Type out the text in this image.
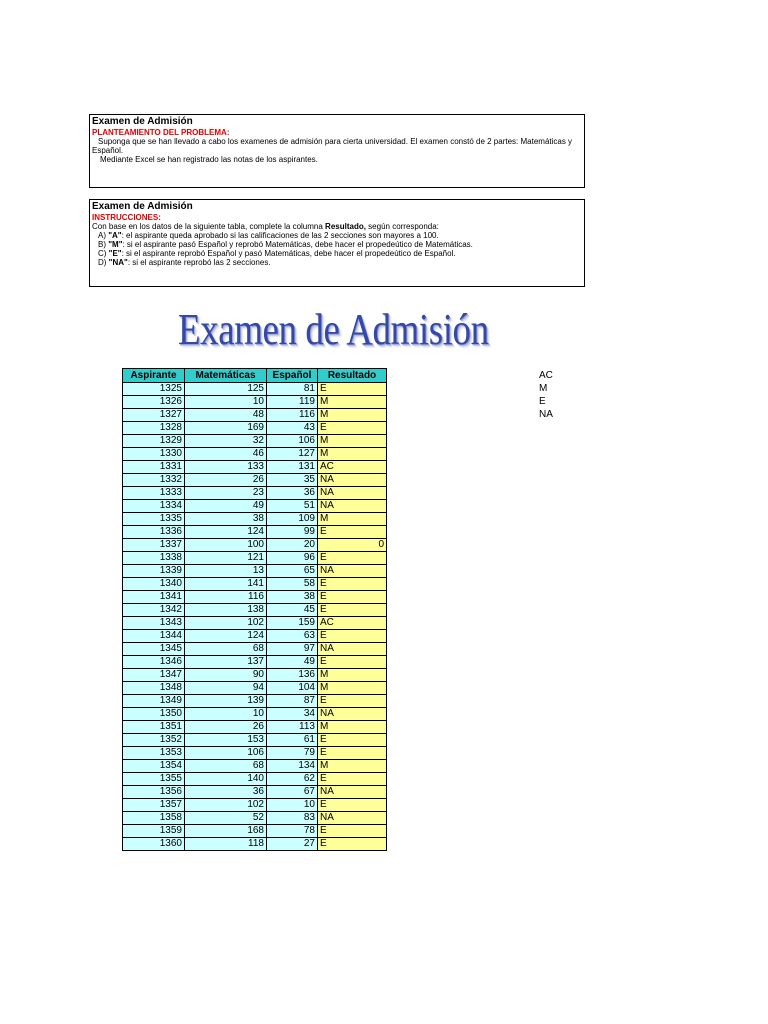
Examen de Admisión
PLANTEAMIENTO DEL PROBLEMA:

Suponga que se han llevado a cabo los examenes de admisión para cierta universidad. El examen constó de 2 partes: Matemáticas y

Español.

Mediante Excel se han registrado las notas de los aspirantes.

Examen de Admisión
INSTRUCCIONES:

Con base en los datos de la siguiente tabla, complete la columna Resultado, según corresponda:

A) "A": el aspirante queda aprobado si las calificaciones de las 2 secciones son mayores a 100.

B) "M": si el aspirante pasó Español y reprobó Matemáticas, debe hacer el propedeútico de Matemáticas.

C) "E": si el aspirante reprobó Español y pasó Matemáticas, debe hacer el propedeútico de Español.

D) "NA": si el aspirante reprobó las 2 secciones.

Examen de Admisión
Aspirante	Matemáticas	Español	Resultado
1325	125	81	E
1326	10	119	M
1327	48	116	M
1328	169	43	E
1329	32	106	M
1330	46	127	M
1331	133	131	AC
1332	26	35	NA
1333	23	36	NA
1334	49	51	NA
1335	38	109	M
1336	124	99	E
1337	100	20	0
1338	121	96	E
1339	13	65	NA
1340	141	58	E
1341	116	38	E
1342	138	45	E
1343	102	159	AC
1344	124	63	E
1345	68	97	NA
1346	137	49	E
1347	90	136	M
1348	94	104	M
1349	139	87	E
1350	10	34	NA
1351	26	113	M
1352	153	61	E
1353	106	79	E
1354	68	134	M
1355	140	62	E
1356	36	67	NA
1357	102	10	E
1358	52	83	NA
1359	168	78	E
1360	118	27	E
AC
M
E
NA
